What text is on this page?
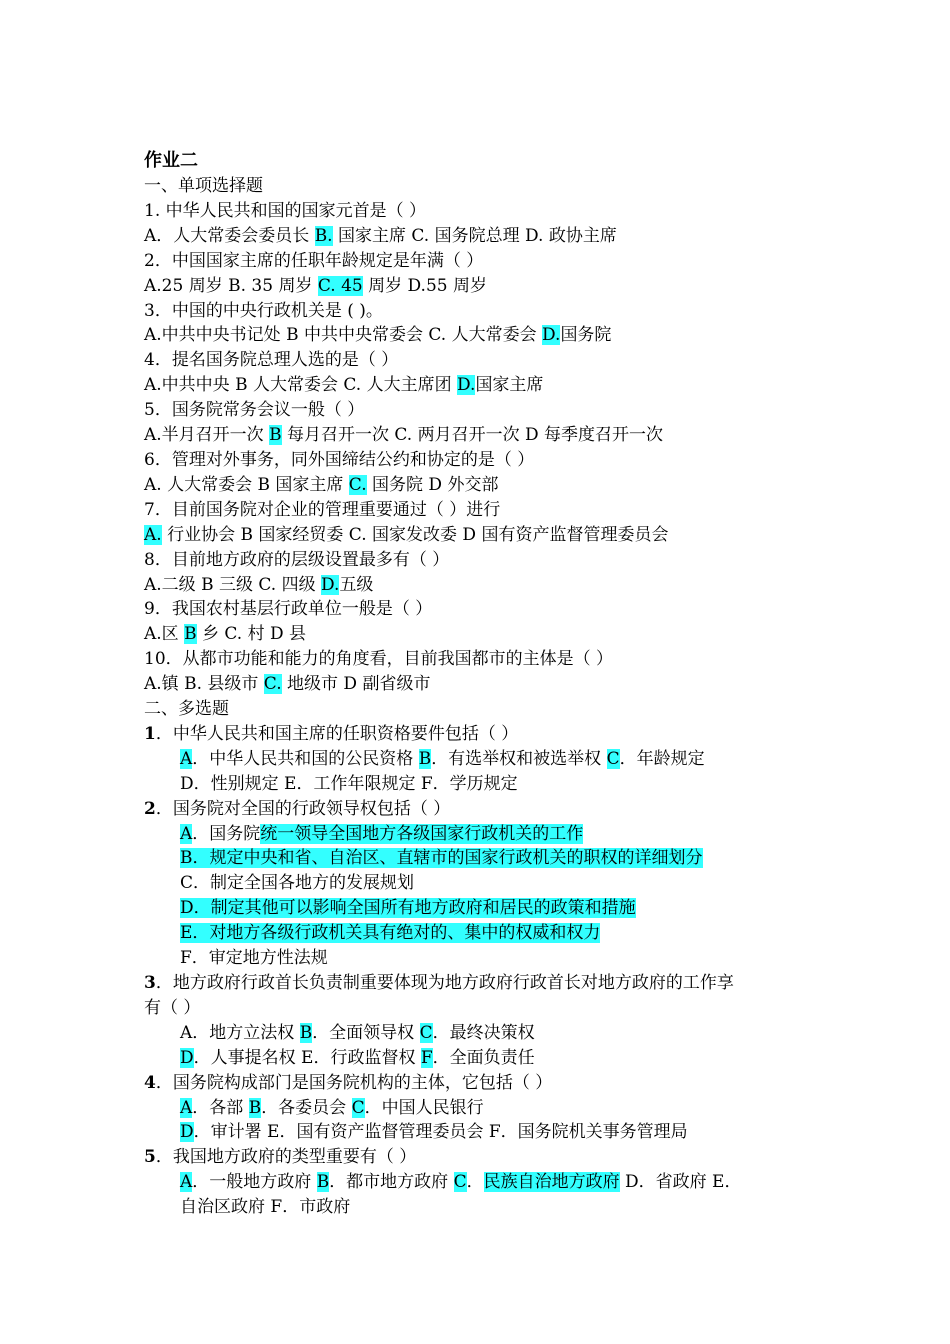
作业二
一、单项选择题
1. 中华人民共和国的国家元首是（ ）
A．人大常委会委员长 B. 国家主席 C. 国务院总理 D. 政协主席
2．中国国家主席的任职年龄规定是年满（ ）
A.25 周岁 B. 35 周岁 C. 45 周岁 D.55 周岁
3．中国的中央行政机关是 ( )。
A.中共中央书记处 B 中共中央常委会 C. 人大常委会 D.国务院
4．提名国务院总理人选的是（ ）
A.中共中央 B 人大常委会 C. 人大主席团 D.国家主席
5．国务院常务会议一般（ ）
A.半月召开一次 B 每月召开一次 C. 两月召开一次 D 每季度召开一次
6．管理对外事务，同外国缔结公约和协定的是（ ）
A. 人大常委会 B 国家主席 C. 国务院 D 外交部
7．目前国务院对企业的管理重要通过（ ）进行
A. 行业协会 B 国家经贸委 C. 国家发改委 D 国有资产监督管理委员会
8．目前地方政府的层级设置最多有（ ）
A.二级 B 三级 C. 四级 D.五级
9．我国农村基层行政单位一般是（ ）
A.区 B 乡 C. 村 D 县
10．从都市功能和能力的角度看，目前我国都市的主体是（ ）
A.镇 B. 县级市 C. 地级市 D 副省级市
二、多选题
1．中华人民共和国主席的任职资格要件包括（ ）
A．中华人民共和国的公民资格 B．有选举权和被选举权 C．年龄规定
D．性别规定 E．工作年限规定 F．学历规定
2．国务院对全国的行政领导权包括（ ）
A．国务院统一领导全国地方各级国家行政机关的工作
B．规定中央和省、自治区、直辖市的国家行政机关的职权的详细划分
C．制定全国各地方的发展规划
D．制定其他可以影响全国所有地方政府和居民的政策和措施
E．对地方各级行政机关具有绝对的、集中的权威和权力
F．审定地方性法规
3．地方政府行政首长负责制重要体现为地方政府行政首长对地方政府的工作享
有（ ）
A．地方立法权 B．全面领导权 C．最终决策权
D．人事提名权 E．行政监督权 F．全面负责任
4．国务院构成部门是国务院机构的主体，它包括（ ）
A．各部 B．各委员会 C．中国人民银行
D．审计署 E．国有资产监督管理委员会 F．国务院机关事务管理局
5．我国地方政府的类型重要有（ ）
A．一般地方政府 B．都市地方政府 C．民族自治地方政府 D．省政府 E．
自治区政府 F．市政府
